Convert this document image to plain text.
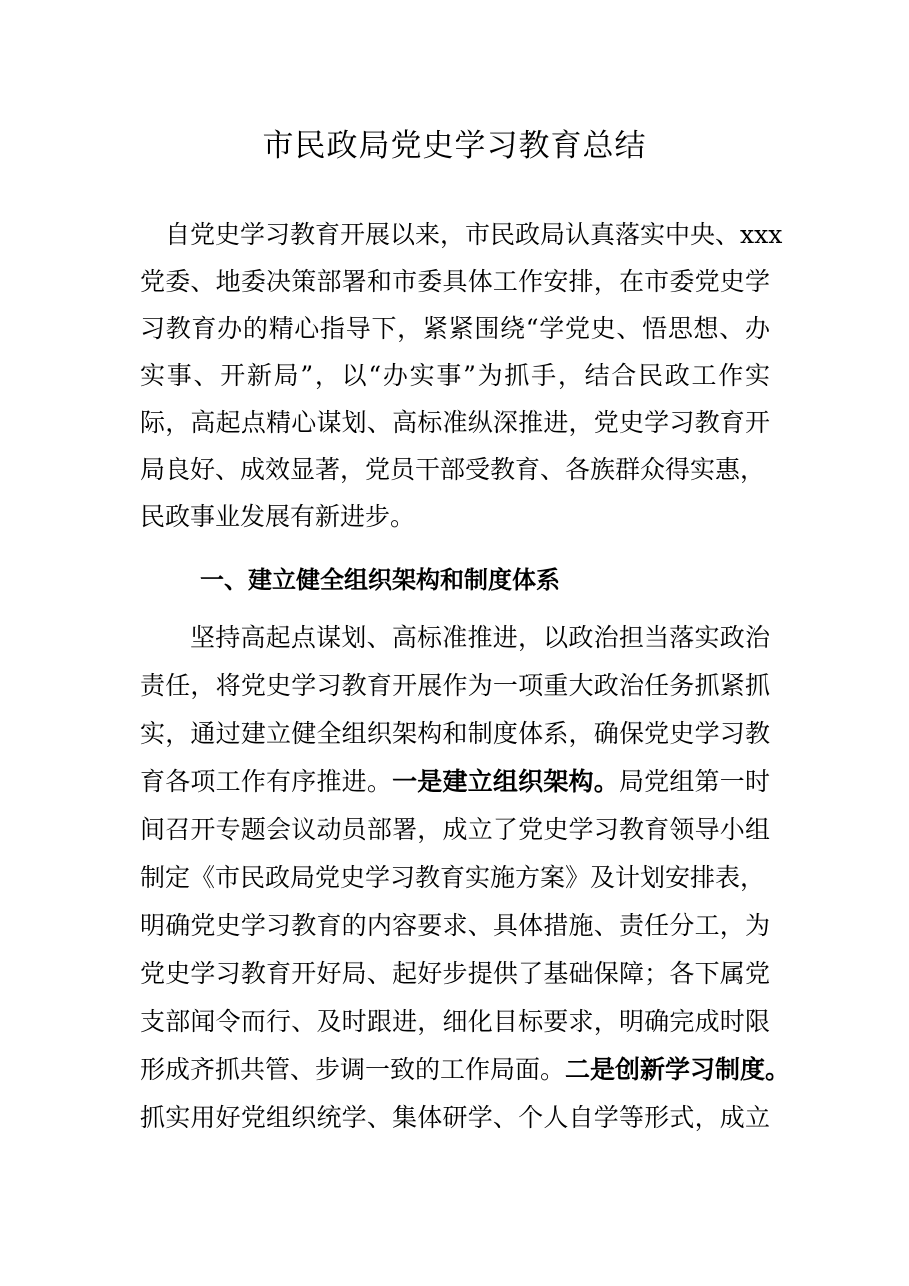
市民政局党史学习教育总结

自党史学习教育开展以来，市民政局认真落实中央、xxx

党委、地委决策部署和市委具体工作安排，在市委党史学

习教育办的精心指导下，紧紧围绕“学党史、悟思想、办

实事、开新局”，以“办实事”为抓手，结合民政工作实

际，高起点精心谋划、高标准纵深推进，党史学习教育开

局良好、成效显著，党员干部受教育、各族群众得实惠，

民政事业发展有新进步。

一、建立健全组织架构和制度体系

坚持高起点谋划、高标准推进，以政治担当落实政治

责任，将党史学习教育开展作为一项重大政治任务抓紧抓

实，通过建立健全组织架构和制度体系，确保党史学习教

育各项工作有序推进。一是建立组织架构。局党组第一时

间召开专题会议动员部署，成立了党史学习教育领导小组

制定《市民政局党史学习教育实施方案》及计划安排表，

明确党史学习教育的内容要求、具体措施、责任分工，为

党史学习教育开好局、起好步提供了基础保障；各下属党

支部闻令而行、及时跟进，细化目标要求，明确完成时限

形成齐抓共管、步调一致的工作局面。二是创新学习制度。

抓实用好党组织统学、集体研学、个人自学等形式，成立
